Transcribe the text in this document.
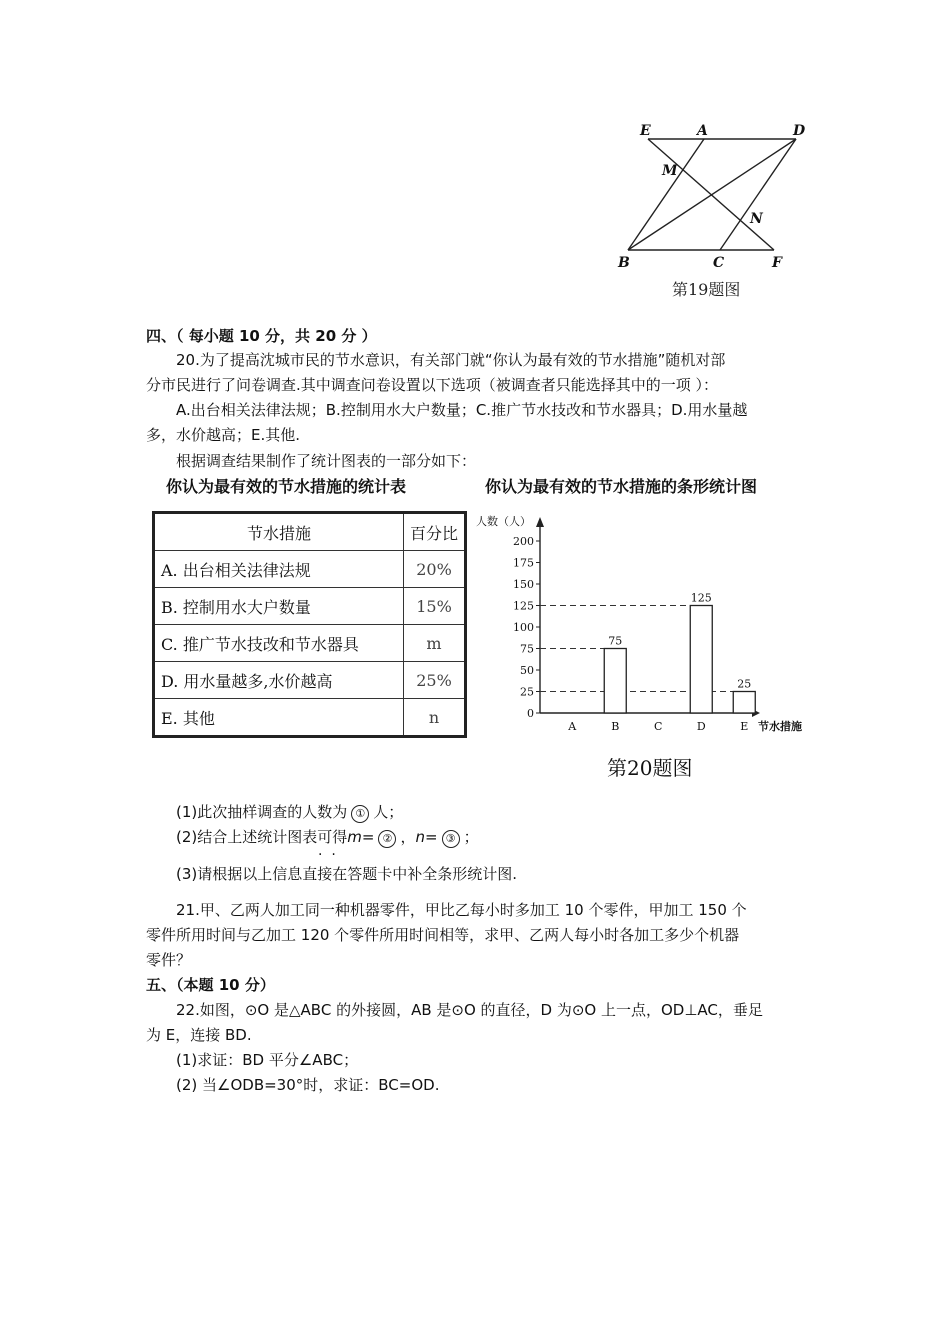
E	A	D
M
N
B	C	F
第19题图
四、（ 每小题 10 分，共 20 分 ）
20.为了提高沈城市民的节水意识，有关部门就“你认为最有效的节水措施”随机对部
分市民进行了问卷调查.其中调查问卷设置以下选项（被调查者只能选择其中的一项 ）：
A.出台相关法律法规；B.控制用水大户数量；C.推广节水技改和节水器具；D.用水量越
多，水价越高；E.其他.
根据调查结果制作了统计图表的一部分如下：
你认为最有效的节水措施的统计表	你认为最有效的节水措施的条形统计图
节水措施	百分比
A. 出台相关法律法规	20%
B. 控制用水大户数量	15%
C. 推广节水技改和节水器具	m
D. 用水量越多,水价越高	25%
E. 其他	n
人数（人）
节水措施
0
25
50
75
100
125
150
175
200
A
75
B	C
125
D
25
E
第20题图
(1)此次抽样调查的人数为 ① 人；
(2)结合上述统计图表可得m= ② ，n= ③ ；
.  .
(3)请根据以上信息直接在答题卡中补全条形统计图.
21.甲、乙两人加工同一种机器零件，甲比乙每小时多加工 10 个零件，甲加工 150 个
零件所用时间与乙加工 120 个零件所用时间相等，求甲、乙两人每小时各加工多少个机器
零件？
五、（本题 10 分）
22.如图，⊙O 是△ABC 的外接圆，AB 是⊙O 的直径，D 为⊙O 上一点，OD⊥AC，垂足
为 E，连接 BD.
(1)求证：BD 平分∠ABC；
(2) 当∠ODB=30°时，求证：BC=OD.
